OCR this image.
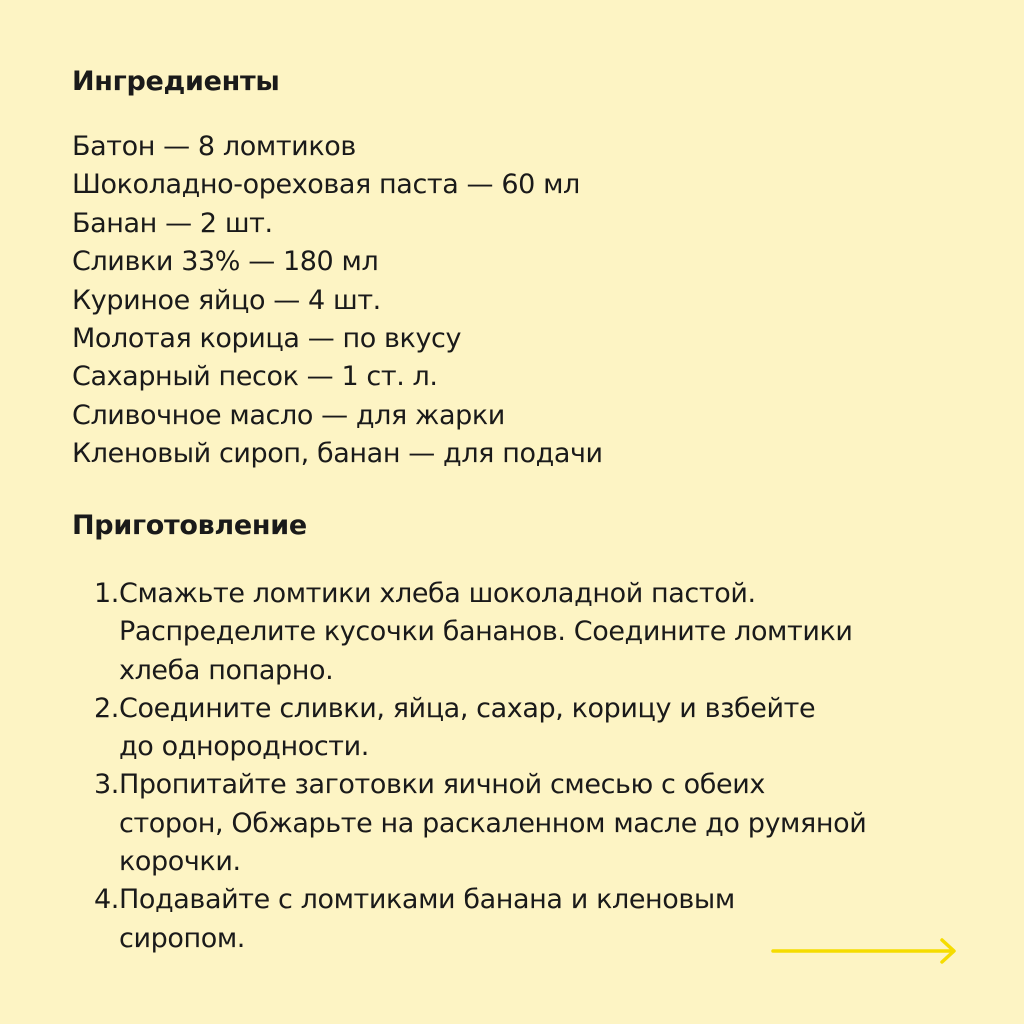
Ингредиенты
Батон — 8 ломтиков
Шоколадно-ореховая паста — 60 мл
Банан — 2 шт.
Сливки 33% — 180 мл
Куриное яйцо — 4 шт.
Молотая корица — по вкусу
Сахарный песок — 1 ст. л.
Сливочное масло — для жарки
Кленовый сироп, банан — для подачи
Приготовление
1. Смажьте ломтики хлеба шоколадной пастой.
Распределите кусочки бананов. Соедините ломтики
хлеба попарно.
2. Соедините сливки, яйца, сахар, корицу и взбейте
до однородности.
3. Пропитайте заготовки яичной смесью с обеих
сторон, Обжарьте на раскаленном масле до румяной
корочки.
4. Подавайте с ломтиками банана и кленовым
сиропом.
